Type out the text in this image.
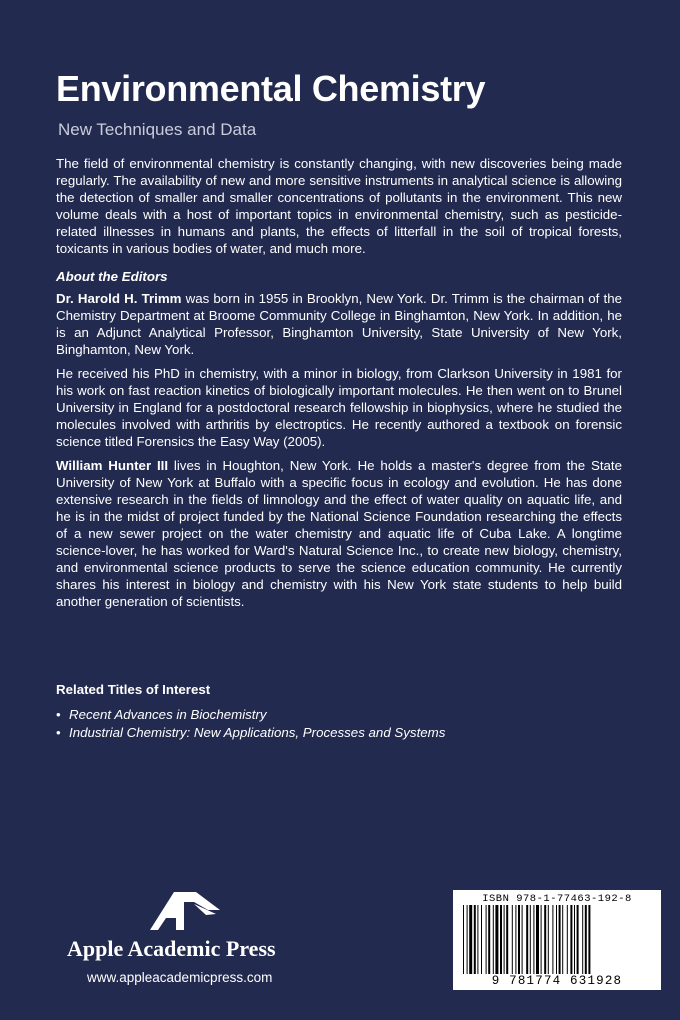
Environmental Chemistry
New Techniques and Data

The field of environmental chemistry is constantly changing, with new discoveries being made regularly. The availability of new and more sensitive instruments in analytical science is allowing the detection of smaller and smaller concentrations of pollutants in the environment. This new volume deals with a host of important topics in environmental chemistry, such as pesticide-related illnesses in humans and plants, the effects of litterfall in the soil of tropical forests, toxicants in various bodies of water, and much more.

About the Editors

Dr. Harold H. Trimm was born in 1955 in Brooklyn, New York. Dr. Trimm is the chairman of the Chemistry Department at Broome Community College in Binghamton, New York. In addition, he is an Adjunct Analytical Professor, Binghamton University, State University of New York, Binghamton, New York.

He received his PhD in chemistry, with a minor in biology, from Clarkson University in 1981 for his work on fast reaction kinetics of biologically important molecules. He then went on to Brunel University in England for a postdoctoral research fellowship in biophysics, where he studied the molecules involved with arthritis by electroptics. He recently authored a textbook on forensic science titled Forensics the Easy Way (2005).

William Hunter III lives in Houghton, New York. He holds a master's degree from the State University of New York at Buffalo with a specific focus in ecology and evolution. He has done extensive research in the fields of limnology and the effect of water quality on aquatic life, and he is in the midst of project funded by the National Science Foundation researching the effects of a new sewer project on the water chemistry and aquatic life of Cuba Lake. A longtime science-lover, he has worked for Ward's Natural Science Inc., to create new biology, chemistry, and environmental science products to serve the science education community. He currently shares his interest in biology and chemistry with his New York state students to help build another generation of scientists.

Related Titles of Interest
• Recent Advances in Biochemistry
• Industrial Chemistry: New Applications, Processes and Systems
Apple Academic Press
www.appleacademicpress.com
ISBN 978-1-77463-192-8
9 781774 631928
